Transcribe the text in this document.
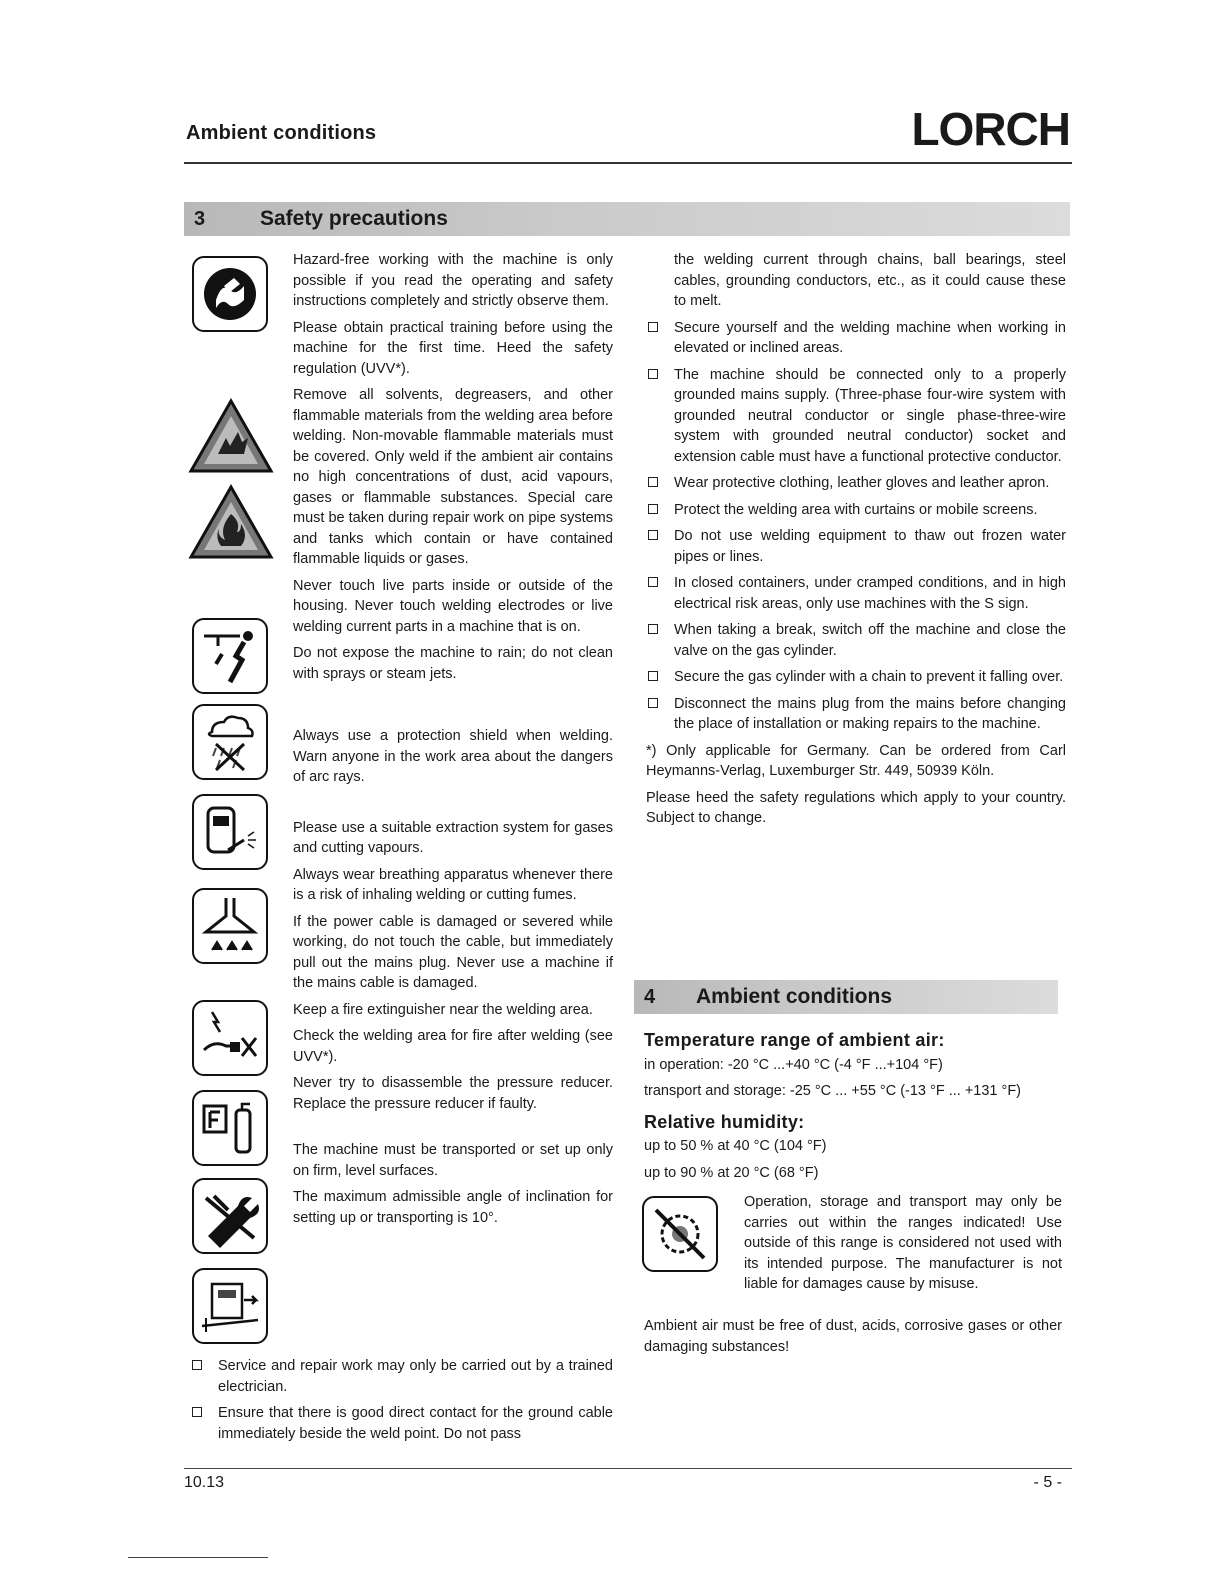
Ambient conditions	LORCH
3	Safety precautions

Hazard-free working with the machine is only possible if you read the operating and safety instructions completely and strictly observe them.

Please obtain practical training before using the machine for the first time. Heed the safety regulation (UVV*).

Remove all solvents, degreasers, and other flammable materials from the welding area before welding. Non-movable flammable materials must be covered. Only weld if the ambient air contains no high concentrations of dust, acid vapours, gases or flammable substances. Special care must be taken during repair work on pipe systems and tanks which contain or have contained flammable liquids or gases.

Never touch live parts inside or outside of the housing. Never touch welding electrodes or live welding current parts in a machine that is on.

Do not expose the machine to rain; do not clean with sprays or steam jets.

Always use a protection shield when welding. Warn anyone in the work area about the dangers of arc rays.

Please use a suitable extraction system for gases and cutting vapours.

Always wear breathing apparatus whenever there is a risk of inhaling welding or cutting fumes.

If the power cable is damaged or severed while working, do not touch the cable, but immediately pull out the mains plug. Never use a machine if the mains cable is damaged.

Keep a fire extinguisher near the welding area.

Check the welding area for fire after welding (see UVV*).

Never try to disassemble the pressure reducer. Replace the pressure reducer if faulty.

The machine must be transported or set up only on firm, level surfaces.

The maximum admissible angle of inclination for setting up or transporting is 10°.

Service and repair work may only be carried out by a trained electrician.
Ensure that there is good direct contact for the ground cable immediately beside the weld point. Do not pass

the welding current through chains, ball bearings, steel cables, grounding conductors, etc., as it could cause these to melt.

Secure yourself and the welding machine when working in elevated or inclined areas.
The machine should be connected only to a properly grounded mains supply. (Three-phase four-wire system with grounded neutral conductor or single phase-three-wire system with grounded neutral conductor) socket and extension cable must have a functional protective conductor.
Wear protective clothing, leather gloves and leather apron.
Protect the welding area with curtains or mobile screens.
Do not use welding equipment to thaw out frozen water pipes or lines.
In closed containers, under cramped conditions, and in high electrical risk areas, only use machines with the S sign.
When taking a break, switch off the machine and close the valve on the gas cylinder.
Secure the gas cylinder with a chain to prevent it falling over.
Disconnect the mains plug from the mains before changing the place of installation or making repairs to the machine.

*) Only applicable for Germany. Can be ordered from Carl Heymanns-Verlag, Luxemburger Str. 449, 50939 Köln.

Please heed the safety regulations which apply to your country. Subject to change.

4	Ambient conditions
Temperature range of ambient air:

in operation: -20 °C ...+40 °C (-4 °F ...+104 °F)

transport and storage: -25 °C ... +55 °C (-13 °F ... +131 °F)

Relative humidity:

up to 50 % at 40 °C (104 °F)

up to 90 % at 20 °C (68 °F)

Operation, storage and transport may only be carries out within the ranges indicated! Use outside of this range is considered not used with its intended purpose. The manufacturer is not liable for damages cause by misuse.

Ambient air must be free of dust, acids, corrosive gases or other damaging substances!

10.13	- 5 -
